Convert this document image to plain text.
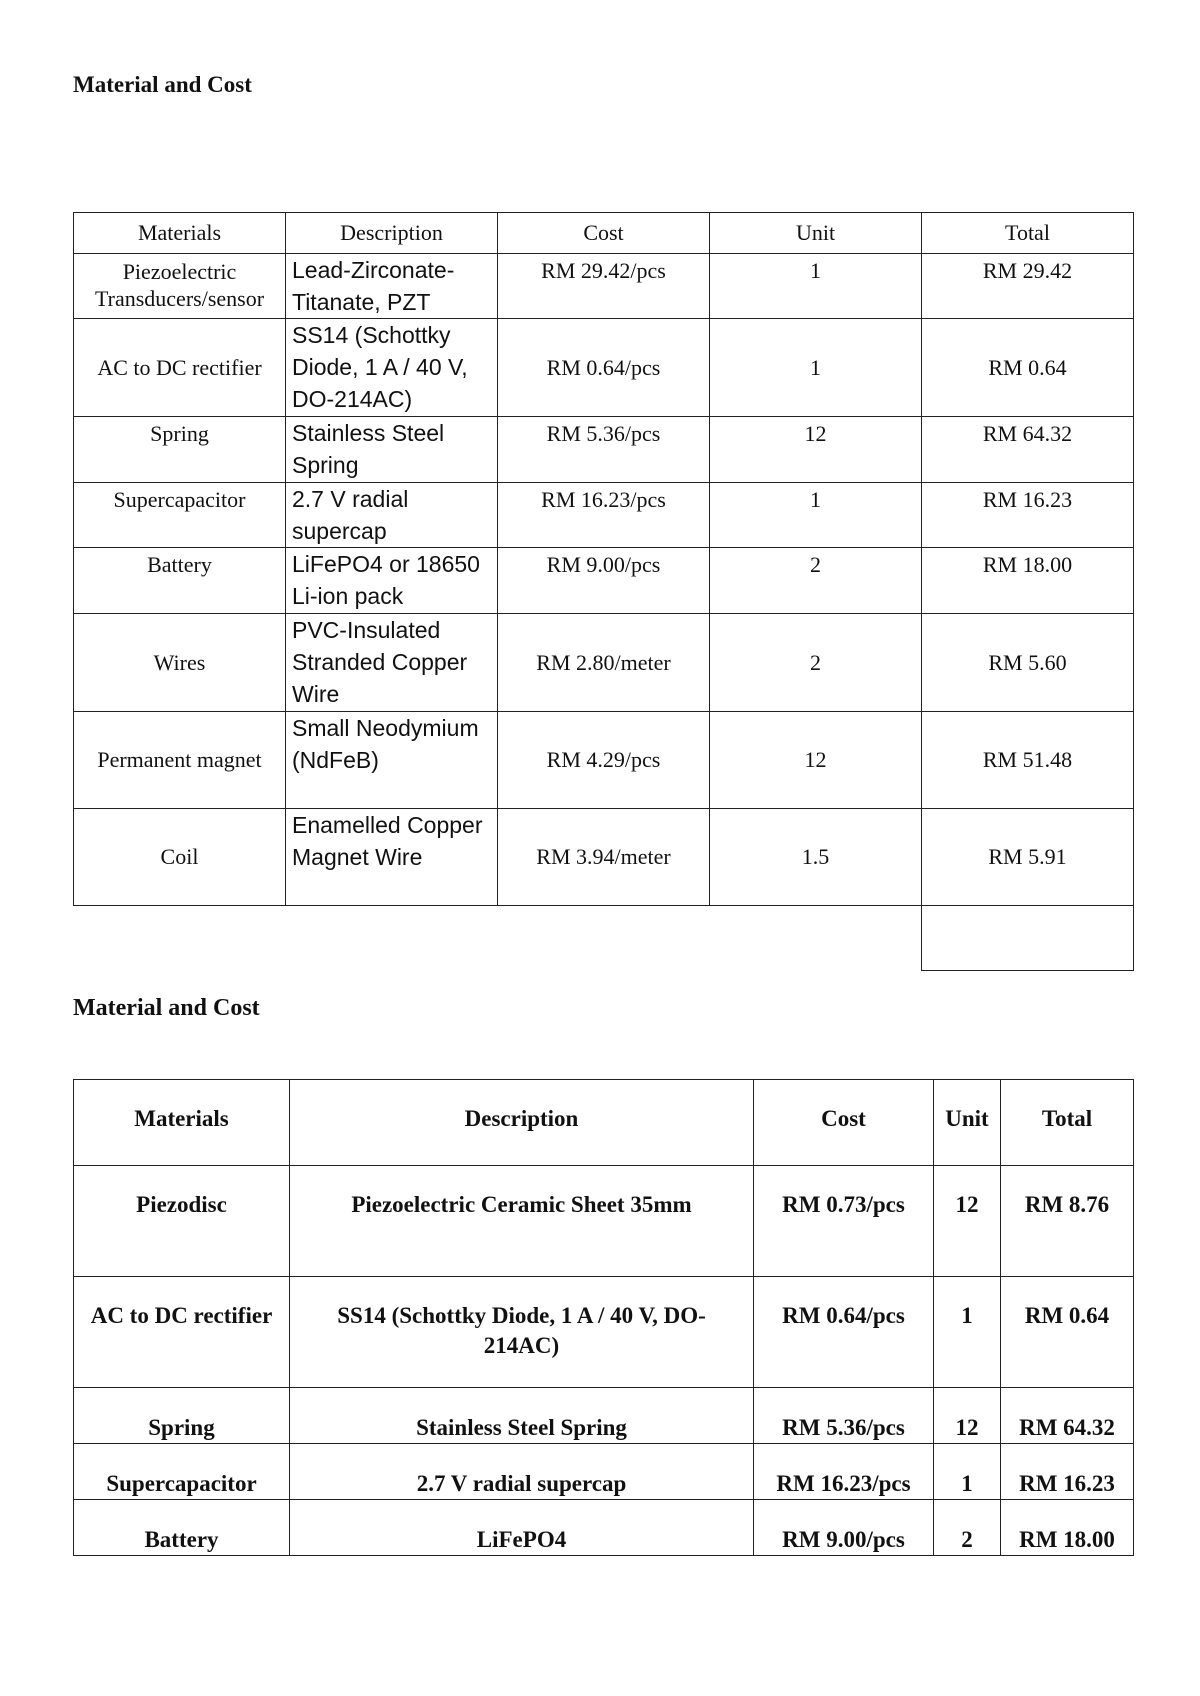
Material and Cost
Materials	Description	Cost	Unit	Total
Piezoelectric Transducers/sensor	Lead-Zirconate-Titanate, PZT	RM 29.42/pcs	1	RM 29.42
AC to DC rectifier	SS14 (Schottky Diode, 1 A / 40 V, DO-214AC)	RM 0.64/pcs	1	RM 0.64
Spring	Stainless Steel Spring	RM 5.36/pcs	12	RM 64.32
Supercapacitor	2.7 V radial supercap	RM 16.23/pcs	1	RM 16.23
Battery	LiFePO4 or 18650 Li-ion pack	RM 9.00/pcs	2	RM 18.00
Wires	PVC-Insulated Stranded Copper Wire	RM 2.80/meter	2	RM 5.60
Permanent magnet	Small Neodymium (NdFeB)	RM 4.29/pcs	12	RM 51.48
Coil	Enamelled Copper Magnet Wire	RM 3.94/meter	1.5	RM 5.91

Material and Cost
Materials	Description	Cost	Unit	Total
Piezodisc	Piezoelectric Ceramic Sheet 35mm	RM 0.73/pcs	12	RM 8.76
AC to DC rectifier	SS14 (Schottky Diode, 1 A / 40 V, DO-214AC)	RM 0.64/pcs	1	RM 0.64
Spring	Stainless Steel Spring	RM 5.36/pcs	12	RM 64.32
Supercapacitor	2.7 V radial supercap	RM 16.23/pcs	1	RM 16.23
Battery	LiFePO4	RM 9.00/pcs	2	RM 18.00
